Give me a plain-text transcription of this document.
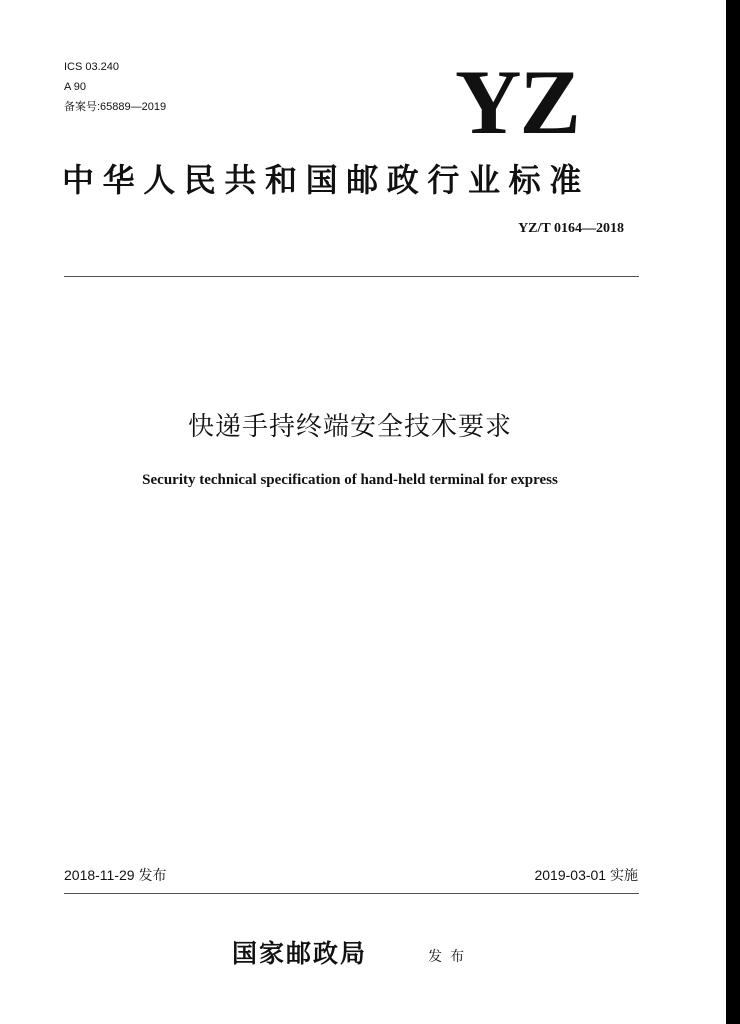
ICS 03.240
A 90
备案号:65889—2019	YZ
中华人民共和国邮政行业标准
YZ/T 0164—2018
快递手持终端安全技术要求
Security technical specification of hand-held terminal for express
2018-11-29 发布	2019-03-01 实施
国家邮政局	发布
